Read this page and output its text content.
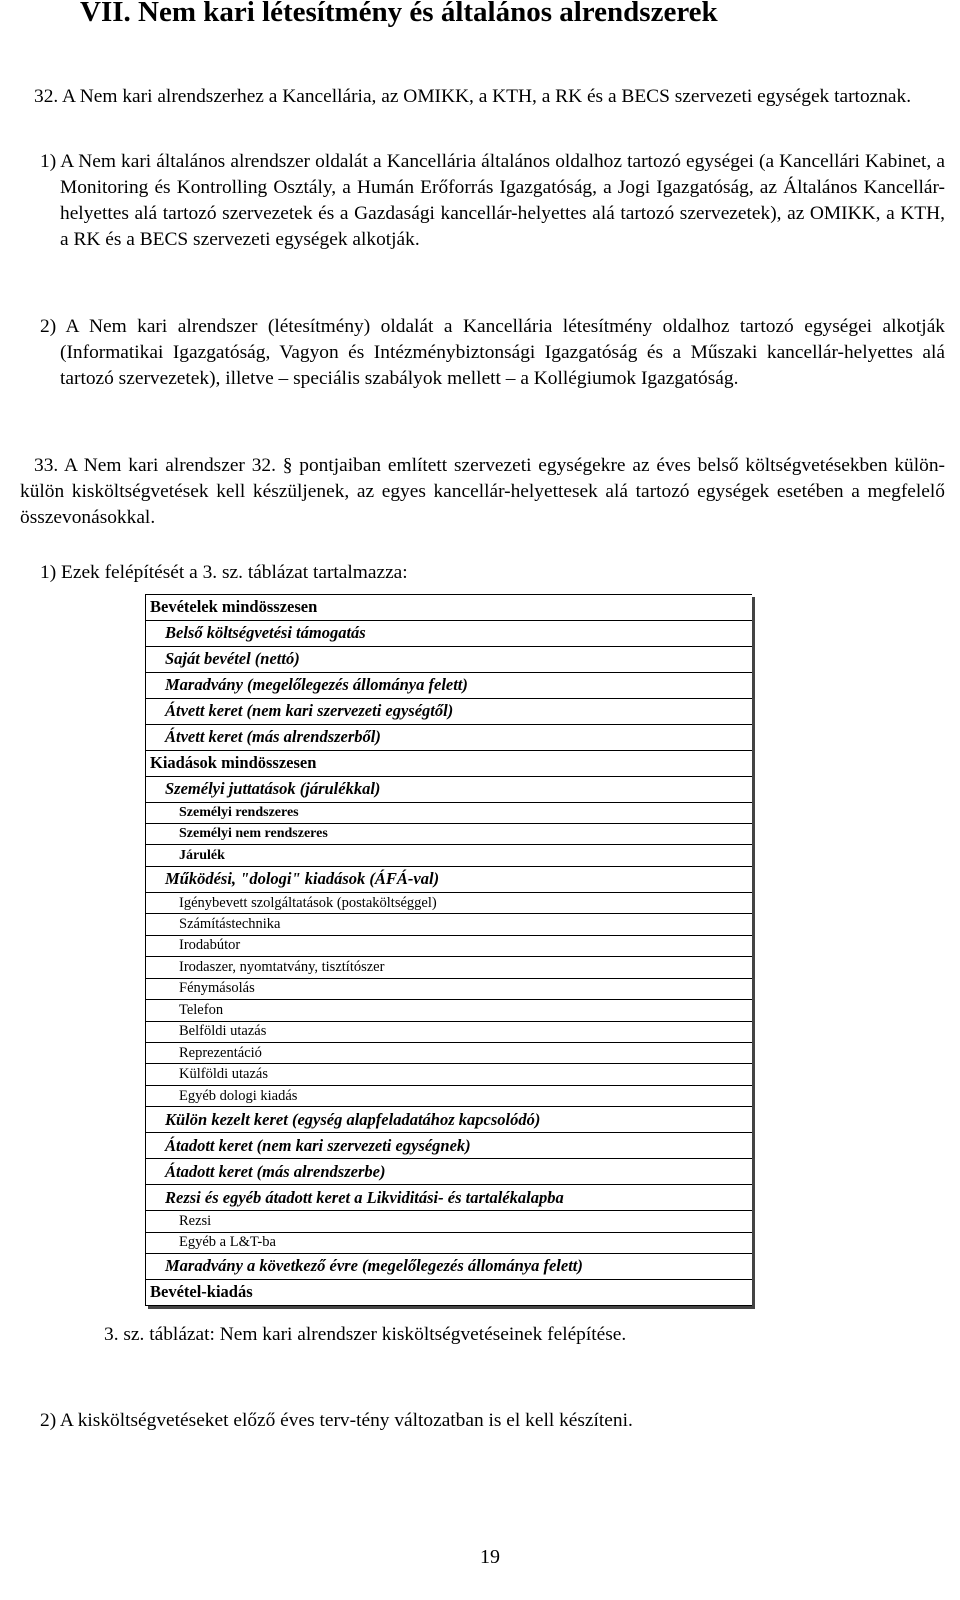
VII. Nem kari létesítmény és általános alrendszerek

32. A Nem kari alrendszerhez a Kancellária, az OMIKK, a KTH, a RK és a BECS szervezeti egységek tartoznak.

1) A Nem kari általános alrendszer oldalát a Kancellária általános oldalhoz tartozó egységei (a Kancellári Kabinet, a Monitoring és Kontrolling Osztály, a Humán Erőforrás Igazgatóság, a Jogi Igazgatóság, az Általános Kancellár-helyettes alá tartozó szervezetek és a Gazdasági kancellár-helyettes alá tartozó szervezetek), az OMIKK, a KTH, a RK és a BECS szervezeti egységek alkotják.

2) A Nem kari alrendszer (létesítmény) oldalát a Kancellária létesítmény oldalhoz tartozó egységei alkotják (Informatikai Igazgatóság, Vagyon és Intézménybiztonsági Igazgatóság és a Műszaki kancellár-helyettes alá tartozó szervezetek), illetve – speciális szabályok mellett – a Kollégiumok Igazgatóság.

33. A Nem kari alrendszer 32. § pontjaiban említett szervezeti egységekre az éves belső költségvetésekben külön-külön kisköltségvetések kell készüljenek, az egyes kancellár-helyettesek alá tartozó egységek esetében a megfelelő összevonásokkal.

1) Ezek felépítését a 3. sz. táblázat tartalmazza:

Bevételek mindösszesen
Belső költségvetési támogatás
Saját bevétel (nettó)
Maradvány (megelőlegezés állománya felett)
Átvett keret (nem kari szervezeti egységtől)
Átvett keret (más alrendszerből)
Kiadások mindösszesen
Személyi juttatások (járulékkal)
Személyi rendszeres
Személyi nem rendszeres
Járulék
Működési, "dologi" kiadások (ÁFÁ-val)
Igénybevett szolgáltatások (postaköltséggel)
Számítástechnika
Irodabútor
Irodaszer, nyomtatvány, tisztítószer
Fénymásolás
Telefon
Belföldi utazás
Reprezentáció
Külföldi utazás
Egyéb dologi kiadás
Külön kezelt keret (egység alapfeladatához kapcsolódó)
Átadott keret (nem kari szervezeti egységnek)
Átadott keret (más alrendszerbe)
Rezsi és egyéb átadott keret a Likviditási- és tartalékalapba
Rezsi
Egyéb a L&T-ba
Maradvány a következő évre (megelőlegezés állománya felett)
Bevétel-kiadás

3. sz. táblázat: Nem kari alrendszer kisköltségvetéseinek felépítése.

2) A kisköltségvetéseket előző éves terv-tény változatban is el kell készíteni.

19
